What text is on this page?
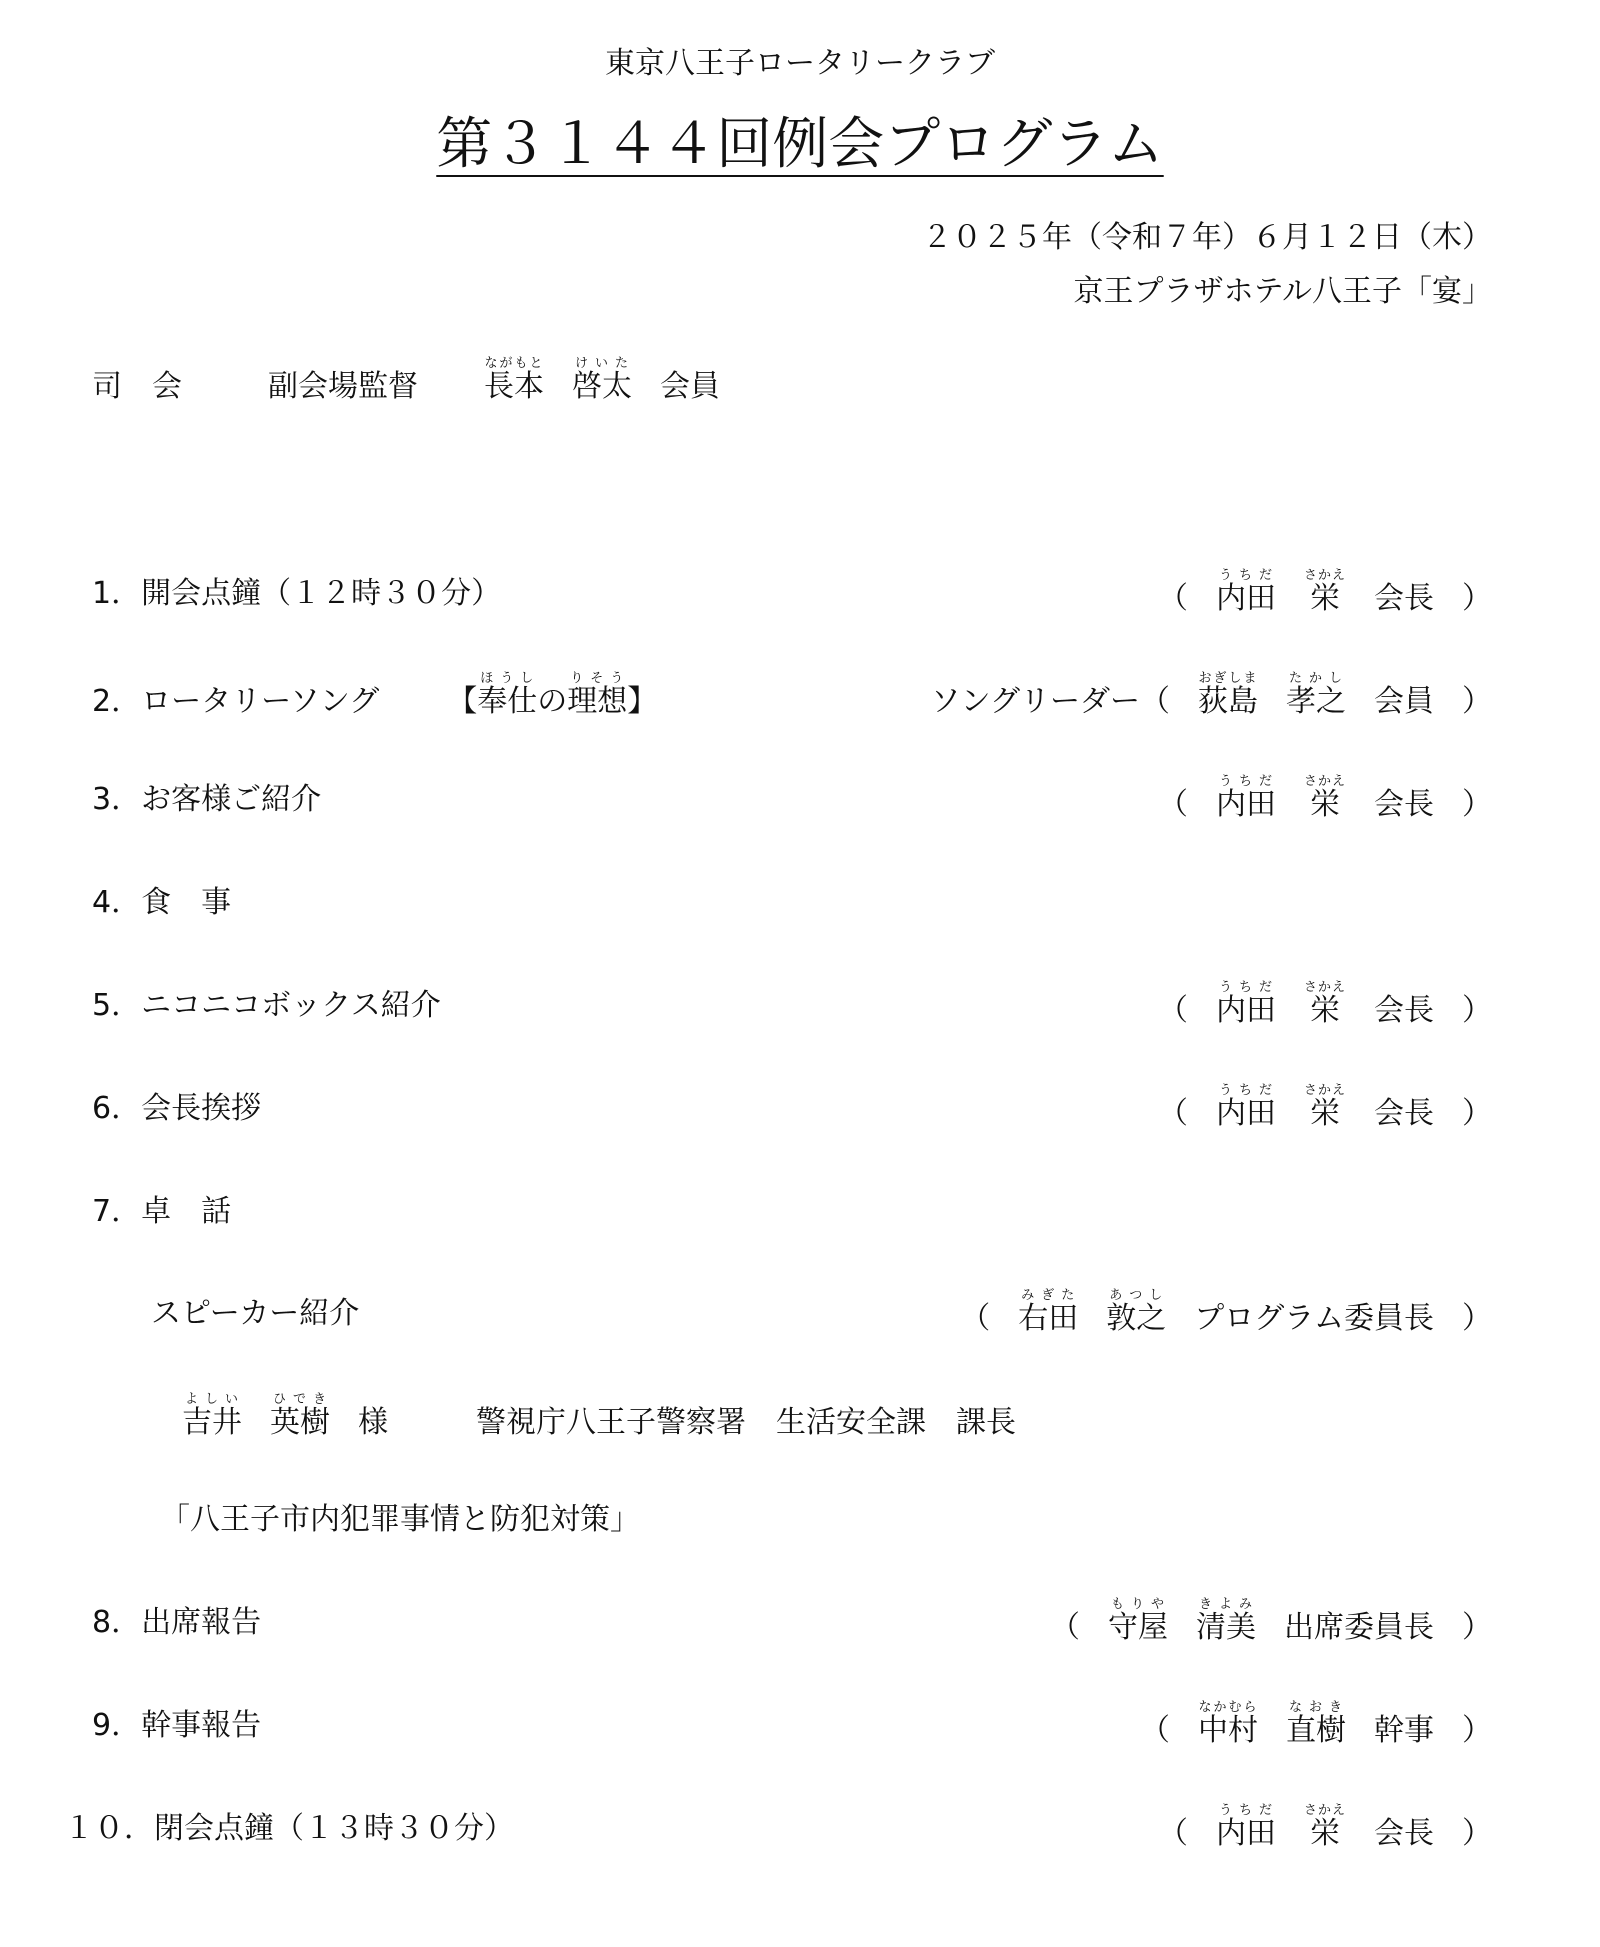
東京八王子ロータリークラブ
第３１４４回例会プログラム
２０２５年（令和７年）６月１２日（木）
京王プラザホテル八王子「宴」
司　会	副会場監督 長本ながもと啓太けいた会員
1．開会点鐘（１２時３０分）	（ 内田うちだ栄さかえ会長 ）
2．ロータリーソング 【奉仕ほうしの理想りそう】	ソングリーダー（ 荻島おぎしま孝之たかし会員 ）
3．お客様ご紹介	（ 内田うちだ栄さかえ会長 ）
4．食　事
5．ニコニコボックス紹介	（ 内田うちだ栄さかえ会長 ）
6．会長挨拶	（ 内田うちだ栄さかえ会長 ）
7．卓　話
スピーカー紹介	（ 右田みぎた敦之あつしプログラム委員長 ）
吉井よしい英樹ひでき様	警視庁八王子警察署　生活安全課　課長
「八王子市内犯罪事情と防犯対策」
8．出席報告	（ 守屋もりや清美きよみ出席委員長 ）
9．幹事報告	（ 中村なかむら直樹なおき幹事 ）
１０．閉会点鐘（１３時３０分）	（ 内田うちだ栄さかえ会長 ）
